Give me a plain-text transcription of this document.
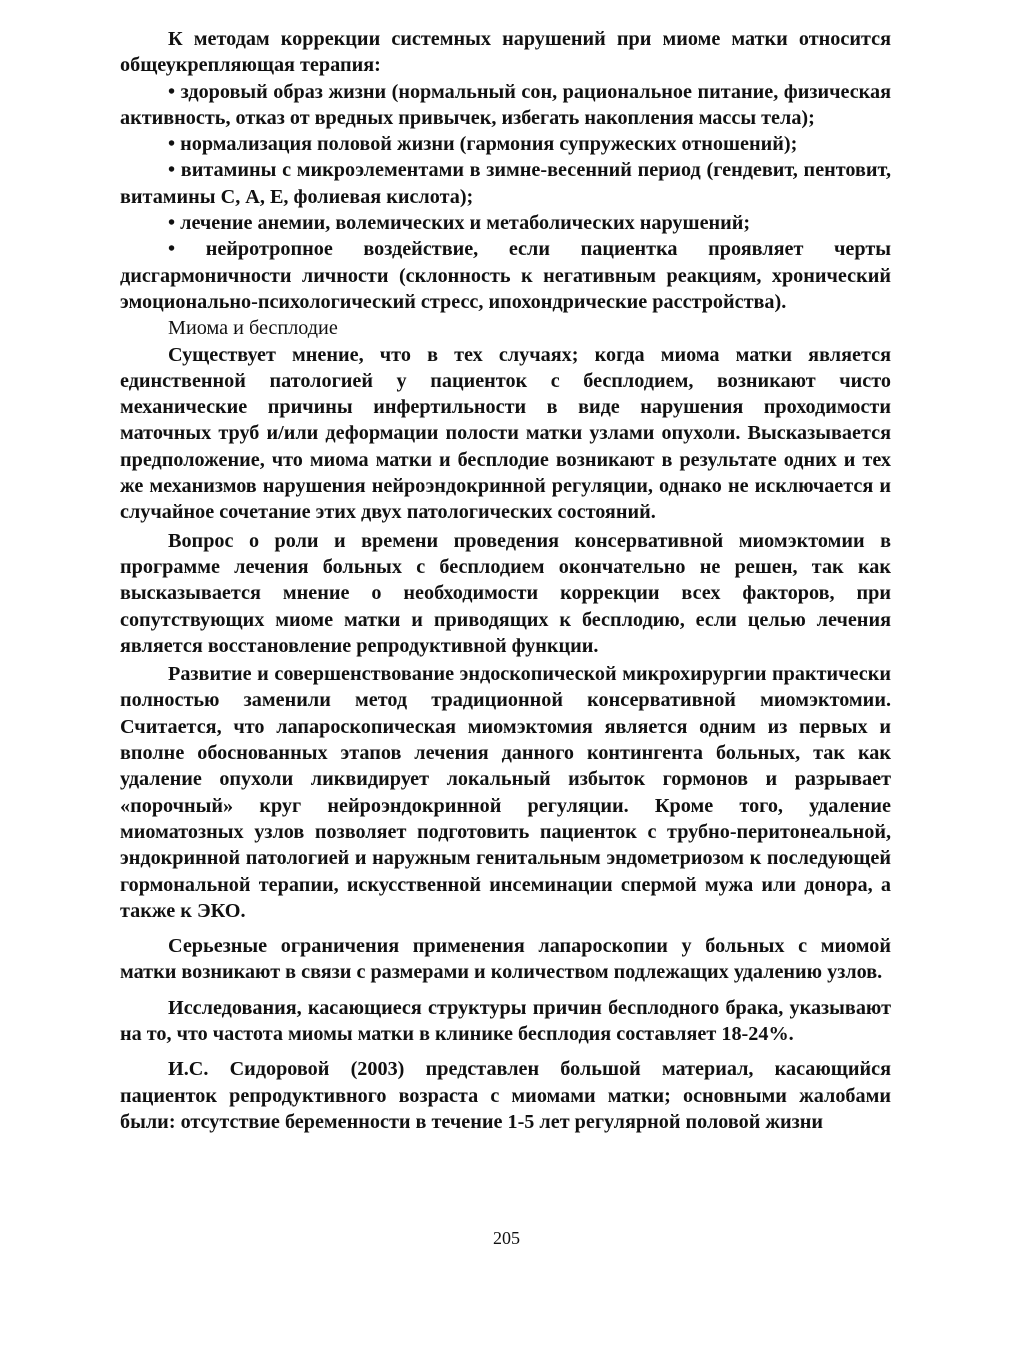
К методам коррекции системных нарушений при миоме матки относится общеукрепляющая терапия:

• здоровый образ жизни (нормальный сон, рациональное питание, физическая активность, отказ от вредных привычек, избегать накопления массы тела);

• нормализация половой жизни (гармония супружеских отношений);

• витамины с микроэлементами в зимне-весенний период (гендевит, пентовит, витамины С, А, Е, фолиевая кислота);

• лечение анемии, волемических и метаболических нарушений;

• нейротропное воздействие, если пациентка проявляет черты дисгармоничности личности (склонность к негативным реакциям, хронический эмоционально-психологический стресс, ипохондрические расстройства).

Миома и бесплодие

Существует мнение, что в тех случаях; когда миома матки является единственной патологией у пациенток с бесплодием, возникают чисто механические причины инфертильности в виде нарушения проходимости маточных труб и/или деформации полости матки узлами опухоли. Высказывается предположение, что миома матки и бесплодие возникают в результате одних и тех же механизмов нарушения нейроэндокринной регуляции, однако не исключается и случайное сочетание этих двух патологических состояний.

Вопрос о роли и времени проведения консервативной миомэктомии в программе лечения больных с бесплодием окончательно не решен, так как высказывается мнение о необходимости коррекции всех факторов, при сопутствующих миоме матки и приводящих к бесплодию, если целью лечения является восстановление репродуктивной функции.

Развитие и совершенствование эндоскопической микрохирургии практически полностью заменили метод традиционной консервативной миомэктомии. Считается, что лапароскопическая миомэктомия является одним из первых и вполне обоснованных этапов лечения данного контингента больных, так как удаление опухоли ликвидирует локальный избыток гормонов и разрывает «порочный» круг нейроэндокринной регуляции. Кроме того, удаление миоматозных узлов позволяет подготовить пациенток с трубно-перитонеальной, эндокринной патологией и наружным генитальным эндометриозом к последующей гормональной терапии, искусственной инсеминации спермой мужа или донора, а также к ЭКО.

Серьезные ограничения применения лапароскопии у больных с миомой матки возникают в связи с размерами и количеством подлежащих удалению узлов.

Исследования, касающиеся структуры причин бесплодного брака, указывают на то, что частота миомы матки в клинике бесплодия составляет 18-24%.

И.С. Сидоровой (2003) представлен большой материал, касающийся пациенток репродуктивного возраста с миомами матки; основными жалобами были: отсутствие беременности в течение 1-5 лет регулярной половой жизни

205
